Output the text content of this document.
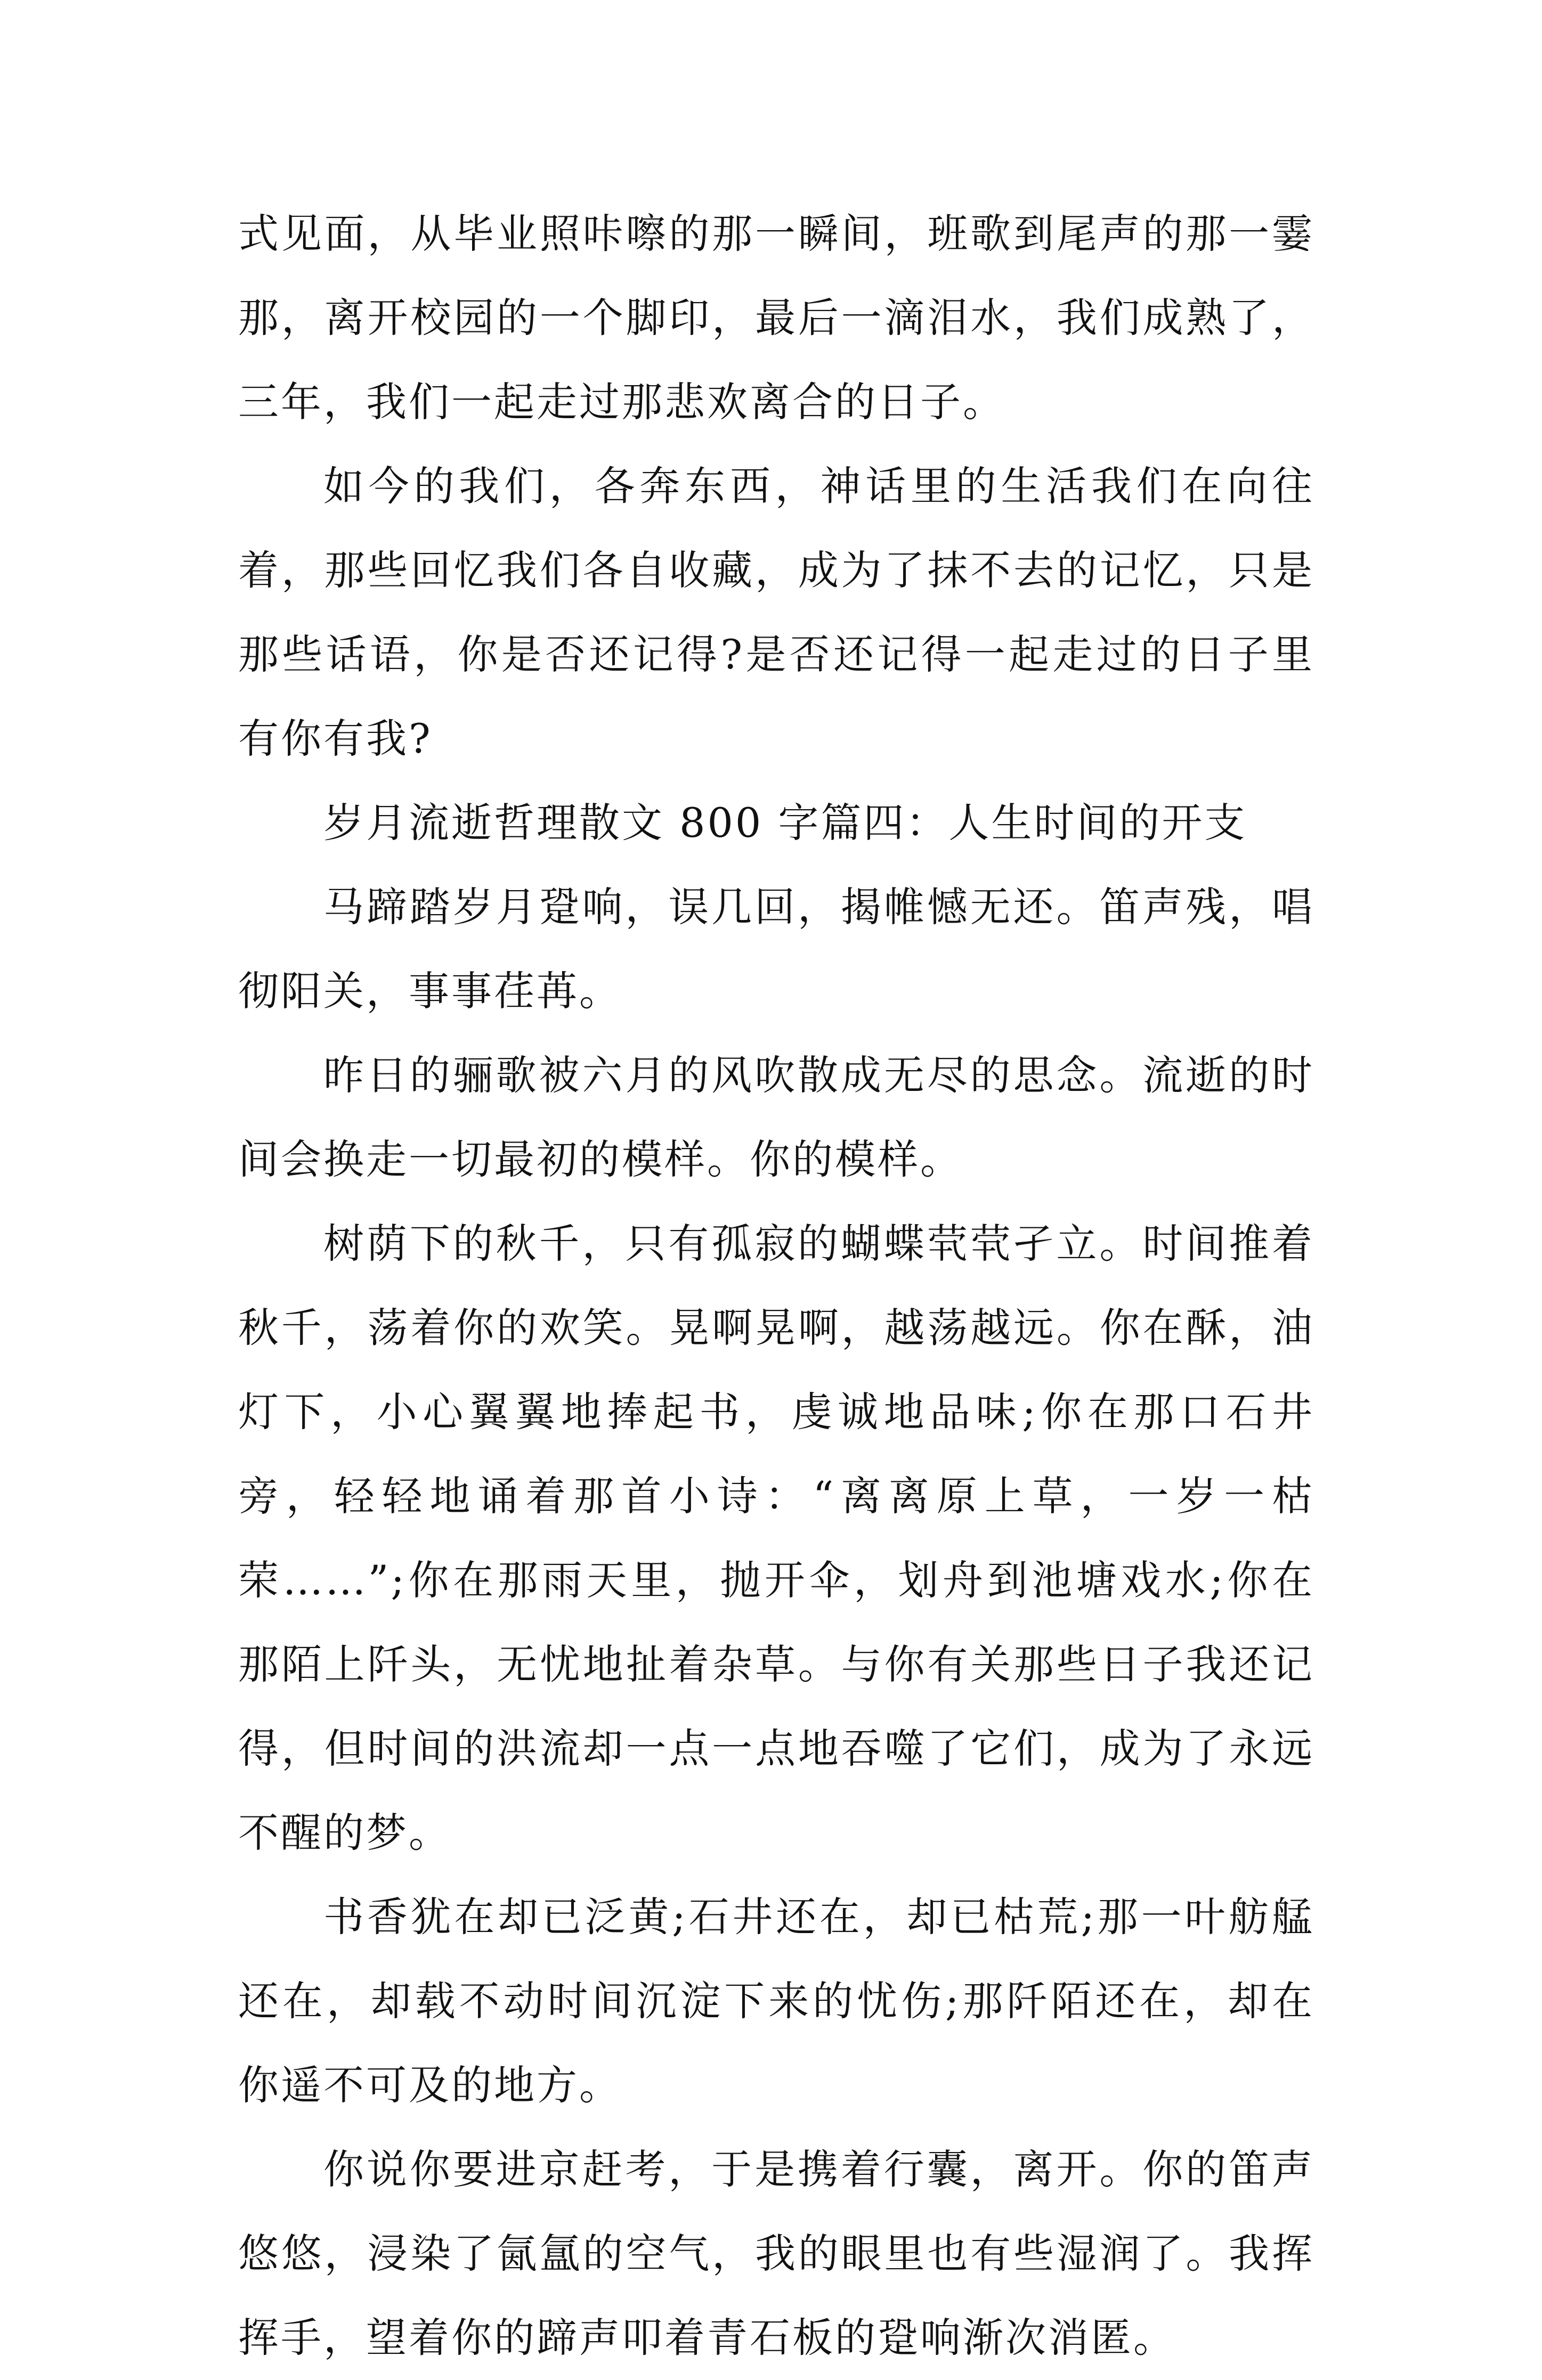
式见面，从毕业照咔嚓的那一瞬间，班歌到尾声的那一霎那，离开校园的一个脚印，最后一滴泪水，我们成熟了，三年，我们一起走过那悲欢离合的日子。

如今的我们，各奔东西，神话里的生活我们在向往着，那些回忆我们各自收藏，成为了抹不去的记忆，只是那些话语，你是否还记得?是否还记得一起走过的日子里有你有我?

岁月流逝哲理散文 800 字篇四：人生时间的开支

马蹄踏岁月跫响，误几回，揭帷憾无还。笛声残，唱彻阳关，事事荏苒。

昨日的骊歌被六月的风吹散成无尽的思念。流逝的时间会换走一切最初的模样。你的模样。

树荫下的秋千，只有孤寂的蝴蝶茕茕孑立。时间推着秋千，荡着你的欢笑。晃啊晃啊，越荡越远。你在酥，油灯下，小心翼翼地捧起书，虔诚地品味;你在那口石井旁，轻轻地诵着那首小诗：“离离原上草，一岁一枯荣……”;你在那雨天里，抛开伞，划舟到池塘戏水;你在那陌上阡头，无忧地扯着杂草。与你有关那些日子我还记得，但时间的洪流却一点一点地吞噬了它们，成为了永远不醒的梦。

书香犹在却已泛黄;石井还在，却已枯荒;那一叶舫艋还在，却载不动时间沉淀下来的忧伤;那阡陌还在，却在你遥不可及的地方。

你说你要进京赶考，于是携着行囊，离开。你的笛声悠悠，浸染了氤氲的空气，我的眼里也有些湿润了。我挥挥手，望着你的蹄声叩着青石板的跫响渐次消匿。
